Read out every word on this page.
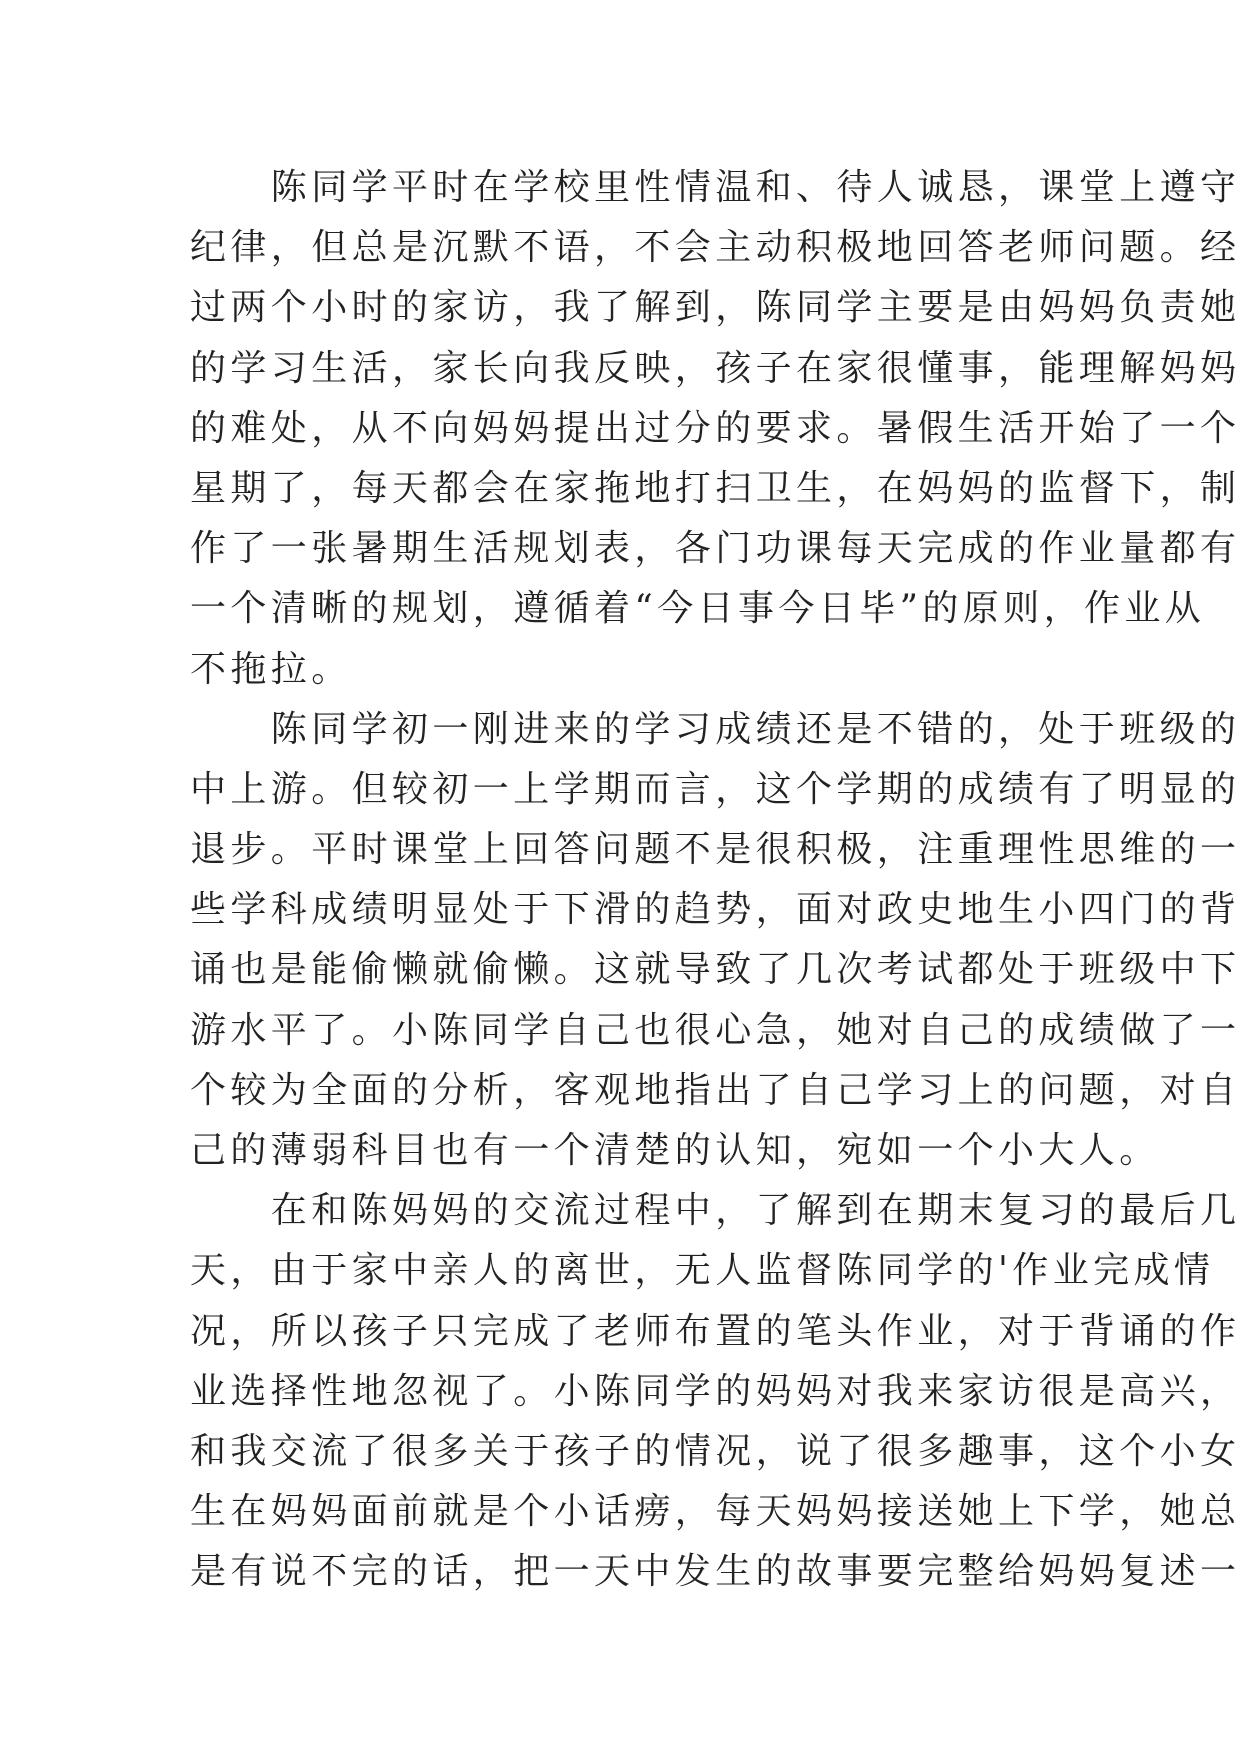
　　陈同学平时在学校里性情温和、待人诚恳，课堂上遵守
纪律，但总是沉默不语，不会主动积极地回答老师问题。经
过两个小时的家访，我了解到，陈同学主要是由妈妈负责她
的学习生活，家长向我反映，孩子在家很懂事，能理解妈妈
的难处，从不向妈妈提出过分的要求。暑假生活开始了一个
星期了，每天都会在家拖地打扫卫生，在妈妈的监督下，制
作了一张暑期生活规划表，各门功课每天完成的作业量都有
一个清晰的规划，遵循着“今日事今日毕”的原则，作业从
不拖拉。
　　陈同学初一刚进来的学习成绩还是不错的，处于班级的
中上游。但较初一上学期而言，这个学期的成绩有了明显的
退步。平时课堂上回答问题不是很积极，注重理性思维的一
些学科成绩明显处于下滑的趋势，面对政史地生小四门的背
诵也是能偷懒就偷懒。这就导致了几次考试都处于班级中下
游水平了。小陈同学自己也很心急，她对自己的成绩做了一
个较为全面的分析，客观地指出了自己学习上的问题，对自
己的薄弱科目也有一个清楚的认知，宛如一个小大人。
　　在和陈妈妈的交流过程中，了解到在期末复习的最后几
天，由于家中亲人的离世，无人监督陈同学的'作业完成情
况，所以孩子只完成了老师布置的笔头作业，对于背诵的作
业选择性地忽视了。小陈同学的妈妈对我来家访很是高兴，
和我交流了很多关于孩子的情况，说了很多趣事，这个小女
生在妈妈面前就是个小话痨，每天妈妈接送她上下学，她总
是有说不完的话，把一天中发生的故事要完整给妈妈复述一
